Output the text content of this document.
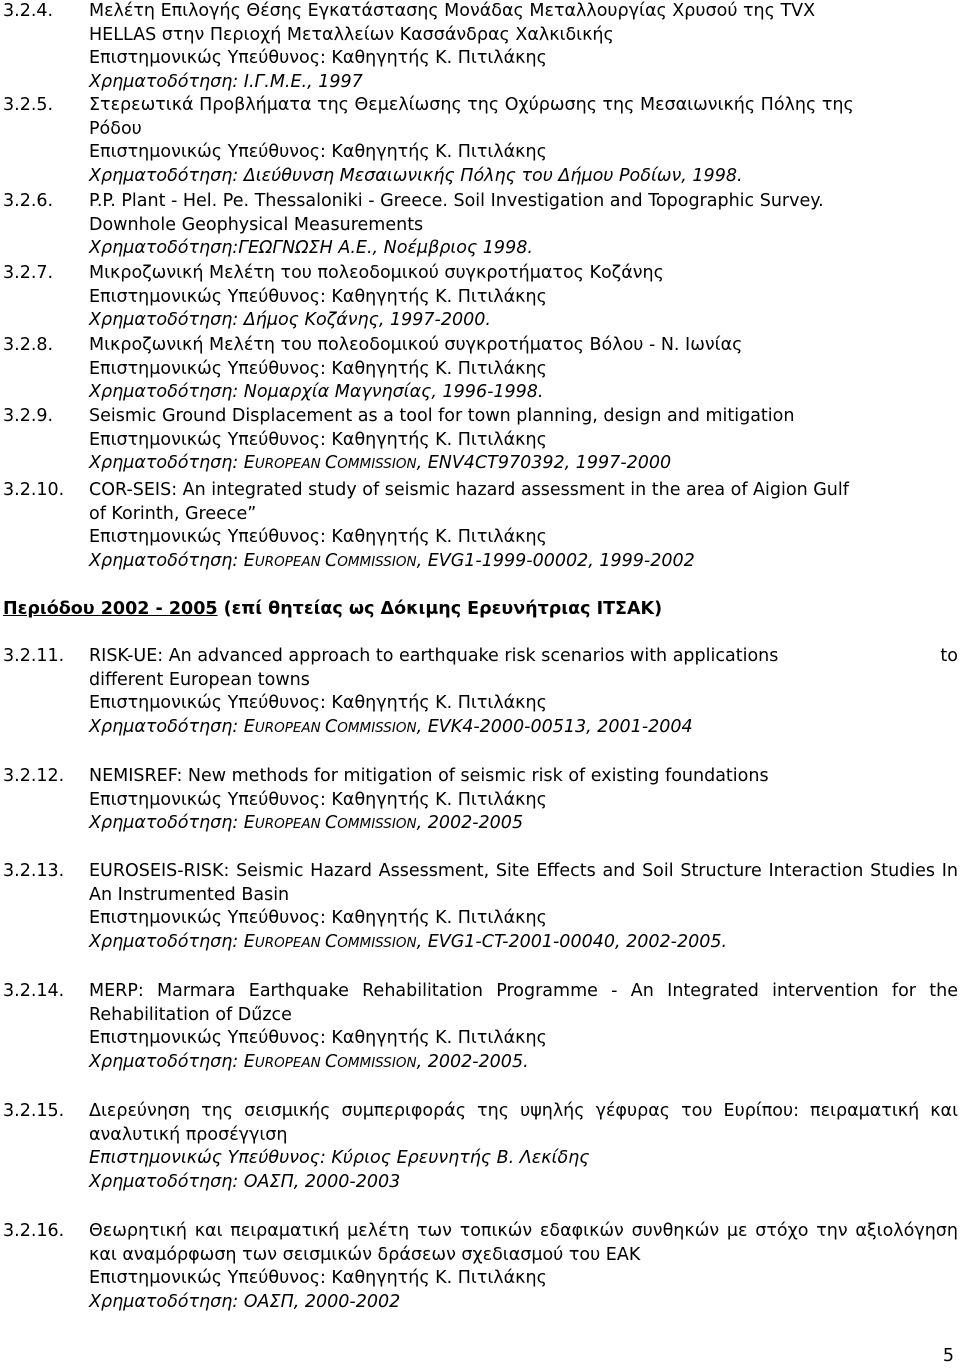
3.2.4. Μελέτη Επιλογής Θέσης Εγκατάστασης Μονάδας Μεταλλουργίας Χρυσού της TVX
HELLAS στην Περιοχή Μεταλλείων Κασσάνδρας Χαλκιδικής
Επιστημονικώς Υπεύθυνος: Καθηγητής Κ. Πιτιλάκης
Χρηματοδότηση: Ι.Γ.Μ.Ε., 1997
3.2.5. Στερεωτικά Προβλήματα της Θεμελίωσης της Οχύρωσης της Μεσαιωνικής Πόλης της
Ρόδου
Επιστημονικώς Υπεύθυνος: Καθηγητής Κ. Πιτιλάκης
Χρηματοδότηση: Διεύθυνση Μεσαιωνικής Πόλης του Δήμου Ροδίων, 1998.
3.2.6. P.P. Plant - Hel. Pe. Thessaloniki - Greece. Soil Investigation and Topographic Survey.
Downhole Geophysical Measurements
Χρηματοδότηση:ΓΕΩΓΝΩΣΗ Α.Ε., Νοέμβριος 1998.
3.2.7. Μικροζωνική Μελέτη του πολεοδομικού συγκροτήματος Κοζάνης
Επιστημονικώς Υπεύθυνος: Καθηγητής Κ. Πιτιλάκης
Χρηματοδότηση: Δήμος Κοζάνης, 1997-2000.
3.2.8. Μικροζωνική Μελέτη του πολεοδομικού συγκροτήματος Βόλου - Ν. Ιωνίας
Επιστημονικώς Υπεύθυνος: Καθηγητής Κ. Πιτιλάκης
Χρηματοδότηση: Νομαρχία Μαγνησίας, 1996-1998.
3.2.9. Seismic Ground Displacement as a tool for town planning, design and mitigation
Επιστημονικώς Υπεύθυνος: Καθηγητής Κ. Πιτιλάκης
Χρηματοδότηση: EUROPEAN COMMISSION, ENV4CT970392, 1997-2000
3.2.10. COR-SEIS: An integrated study of seismic hazard assessment in the area of Aigion Gulf
of Korinth, Greece”
Επιστημονικώς Υπεύθυνος: Καθηγητής Κ. Πιτιλάκης
Χρηματοδότηση: EUROPEAN COMMISSION, EVG1-1999-00002, 1999-2002
Περιόδου 2002 - 2005 (επί θητείας ως Δόκιμης Ερευνήτριας ΙΤΣΑΚ)
3.2.11. RISK-UE: An advanced approach to earthquake risk scenarios with applications	to
different European towns
Επιστημονικώς Υπεύθυνος: Καθηγητής Κ. Πιτιλάκης
Χρηματοδότηση: EUROPEAN COMMISSION, EVK4-2000-00513, 2001-2004
3.2.12. NEMISREF: New methods for mitigation of seismic risk of existing foundations
Επιστημονικώς Υπεύθυνος: Καθηγητής Κ. Πιτιλάκης
Χρηματοδότηση: EUROPEAN COMMISSION, 2002-2005
3.2.13. EUROSEIS-RISK: Seismic Hazard Assessment, Site Effects and Soil Structure Interaction Studies In An Instrumented Basin
Επιστημονικώς Υπεύθυνος: Καθηγητής Κ. Πιτιλάκης
Χρηματοδότηση: EUROPEAN COMMISSION, EVG1-CT-2001-00040, 2002-2005.
3.2.14. MERP: Marmara Earthquake Rehabilitation Programme - An Integrated intervention for the Rehabilitation of Dűzce
Επιστημονικώς Υπεύθυνος: Καθηγητής Κ. Πιτιλάκης
Χρηματοδότηση: EUROPEAN COMMISSION, 2002-2005.
3.2.15. Διερεύνηση της σεισμικής συμπεριφοράς της υψηλής γέφυρας του Ευρίπου: πειραματική και αναλυτική προσέγγιση
Επιστημονικώς Υπεύθυνος: Κύριος Ερευνητής Β. Λεκίδης
Χρηματοδότηση: ΟΑΣΠ, 2000-2003
3.2.16. Θεωρητική και πειραματική μελέτη των τοπικών εδαφικών συνθηκών με στόχο την αξιολόγηση και αναμόρφωση των σεισμικών δράσεων σχεδιασμού του ΕΑΚ
Επιστημονικώς Υπεύθυνος: Καθηγητής Κ. Πιτιλάκης
Χρηματοδότηση: ΟΑΣΠ, 2000-2002
5
